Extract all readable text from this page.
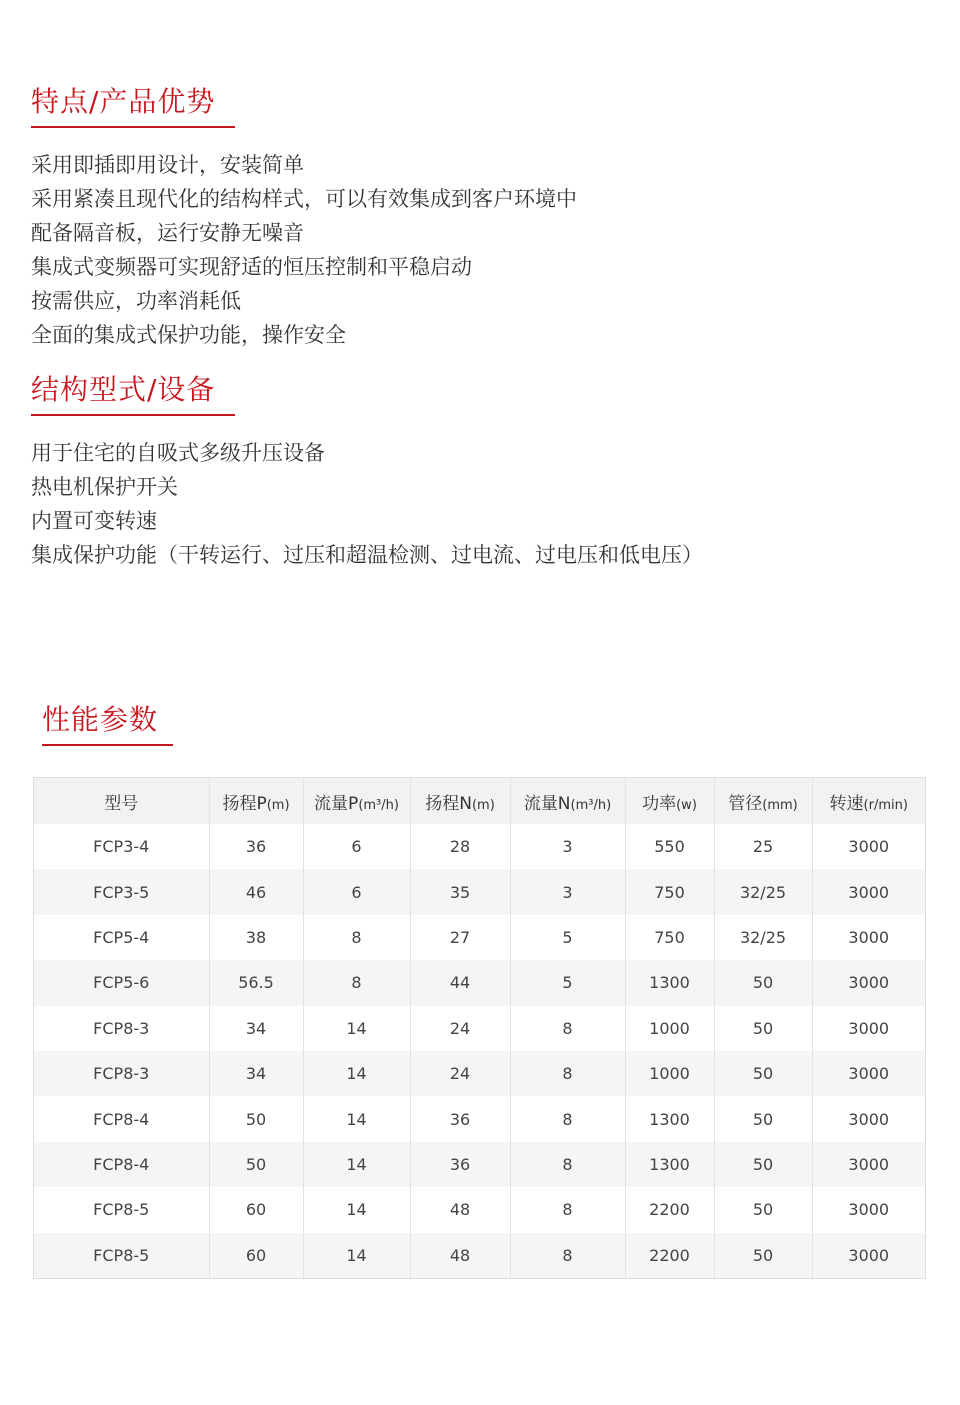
特点/产品优势
采用即插即用设计，安装简单
采用紧凑且现代化的结构样式，可以有效集成到客户环境中
配备隔音板，运行安静无噪音
集成式变频器可实现舒适的恒压控制和平稳启动
按需供应，功率消耗低
全面的集成式保护功能，操作安全
结构型式/设备
用于住宅的自吸式多级升压设备
热电机保护开关
内置可变转速
集成保护功能（干转运行、过压和超温检测、过电流、过电压和低电压）
性能参数
型号	扬程P(m)	流量P(m³/h)	扬程N(m)	流量N(m³/h)	功率(w)	管径(mm)	转速(r/min)
FCP3-4	36	6	28	3	550	25	3000
FCP3-5	46	6	35	3	750	32/25	3000
FCP5-4	38	8	27	5	750	32/25	3000
FCP5-6	56.5	8	44	5	1300	50	3000
FCP8-3	34	14	24	8	1000	50	3000
FCP8-3	34	14	24	8	1000	50	3000
FCP8-4	50	14	36	8	1300	50	3000
FCP8-4	50	14	36	8	1300	50	3000
FCP8-5	60	14	48	8	2200	50	3000
FCP8-5	60	14	48	8	2200	50	3000
